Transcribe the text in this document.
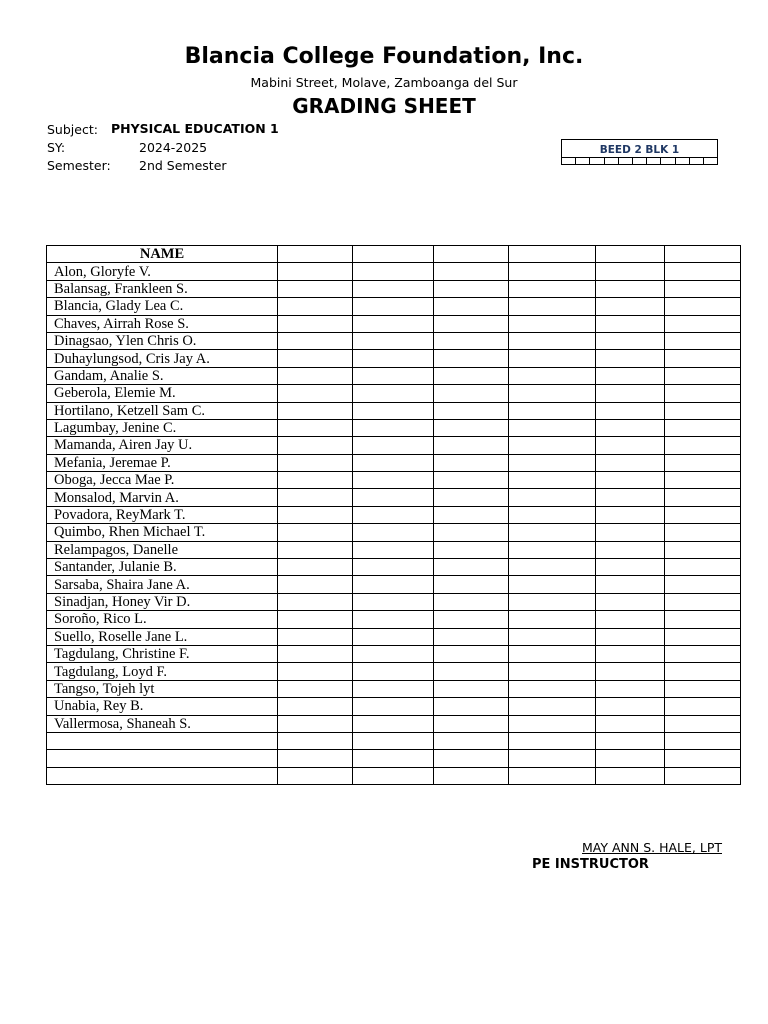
Blancia College Foundation, Inc.
Mabini Street, Molave, Zamboanga del Sur
GRADING SHEET
Subject: PHYSICAL EDUCATION 1
SY:	2024-2025
Semester: 2nd Semester
BEED 2 BLK 1
NAME						
Alon, Gloryfe V.						
Balansag, Frankleen S.						
Blancia, Glady Lea C.						
Chaves, Airrah Rose S.						
Dinagsao, Ylen Chris O.						
Duhaylungsod, Cris Jay A.						
Gandam, Analie S.						
Geberola, Elemie M.						
Hortilano, Ketzell Sam C.						
Lagumbay, Jenine C.						
Mamanda, Airen Jay U.						
Mefania, Jeremae P.						
Oboga, Jecca Mae P.						
Monsalod, Marvin A.						
Povadora, ReyMark T.						
Quimbo, Rhen Michael T.						
Relampagos, Danelle						
Santander, Julanie B.						
Sarsaba, Shaira Jane A.						
Sinadjan, Honey Vir D.						
Soroño, Rico L.						
Suello, Roselle Jane L.						
Tagdulang, Christine F.						
Tagdulang, Loyd F.						
Tangso, Tojeh lyt						
Unabia, Rey B.						
Vallermosa, Shaneah S.						

MAY ANN S. HALE, LPT
PE INSTRUCTOR
